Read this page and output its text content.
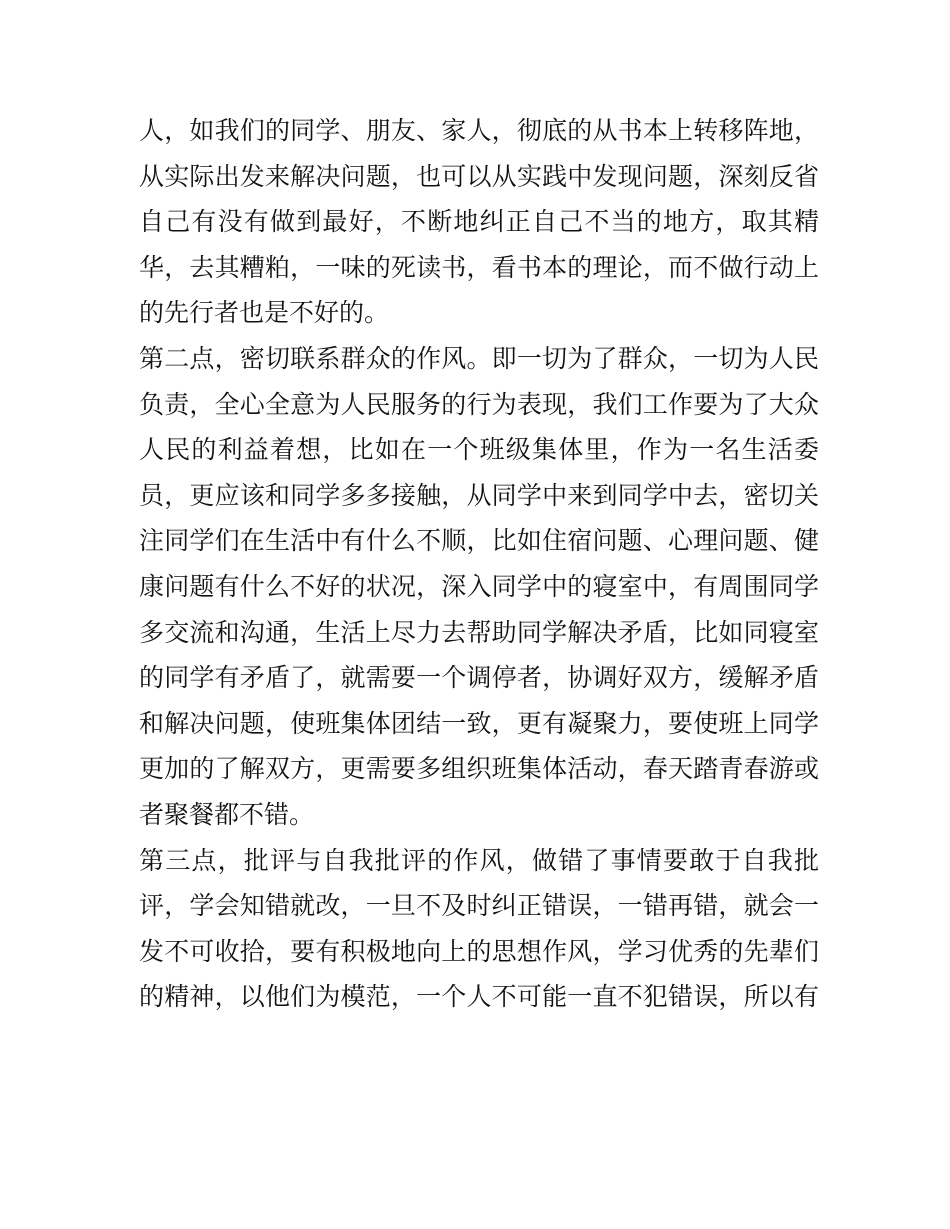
人，如我们的同学、朋友、家人，彻底的从书本上转移阵地，
从实际出发来解决问题，也可以从实践中发现问题，深刻反省
自己有没有做到最好，不断地纠正自己不当的地方，取其精
华，去其糟粕，一味的死读书，看书本的理论，而不做行动上
的先行者也是不好的。
第二点，密切联系群众的作风。即一切为了群众，一切为人民
负责，全心全意为人民服务的行为表现，我们工作要为了大众
人民的利益着想，比如在一个班级集体里，作为一名生活委
员，更应该和同学多多接触，从同学中来到同学中去，密切关
注同学们在生活中有什么不顺，比如住宿问题、心理问题、健
康问题有什么不好的状况，深入同学中的寝室中，有周围同学
多交流和沟通，生活上尽力去帮助同学解决矛盾，比如同寝室
的同学有矛盾了，就需要一个调停者，协调好双方，缓解矛盾
和解决问题，使班集体团结一致，更有凝聚力，要使班上同学
更加的了解双方，更需要多组织班集体活动，春天踏青春游或
者聚餐都不错。
第三点，批评与自我批评的作风，做错了事情要敢于自我批
评，学会知错就改，一旦不及时纠正错误，一错再错，就会一
发不可收拾，要有积极地向上的思想作风，学习优秀的先辈们
的精神，以他们为模范，一个人不可能一直不犯错误，所以有
